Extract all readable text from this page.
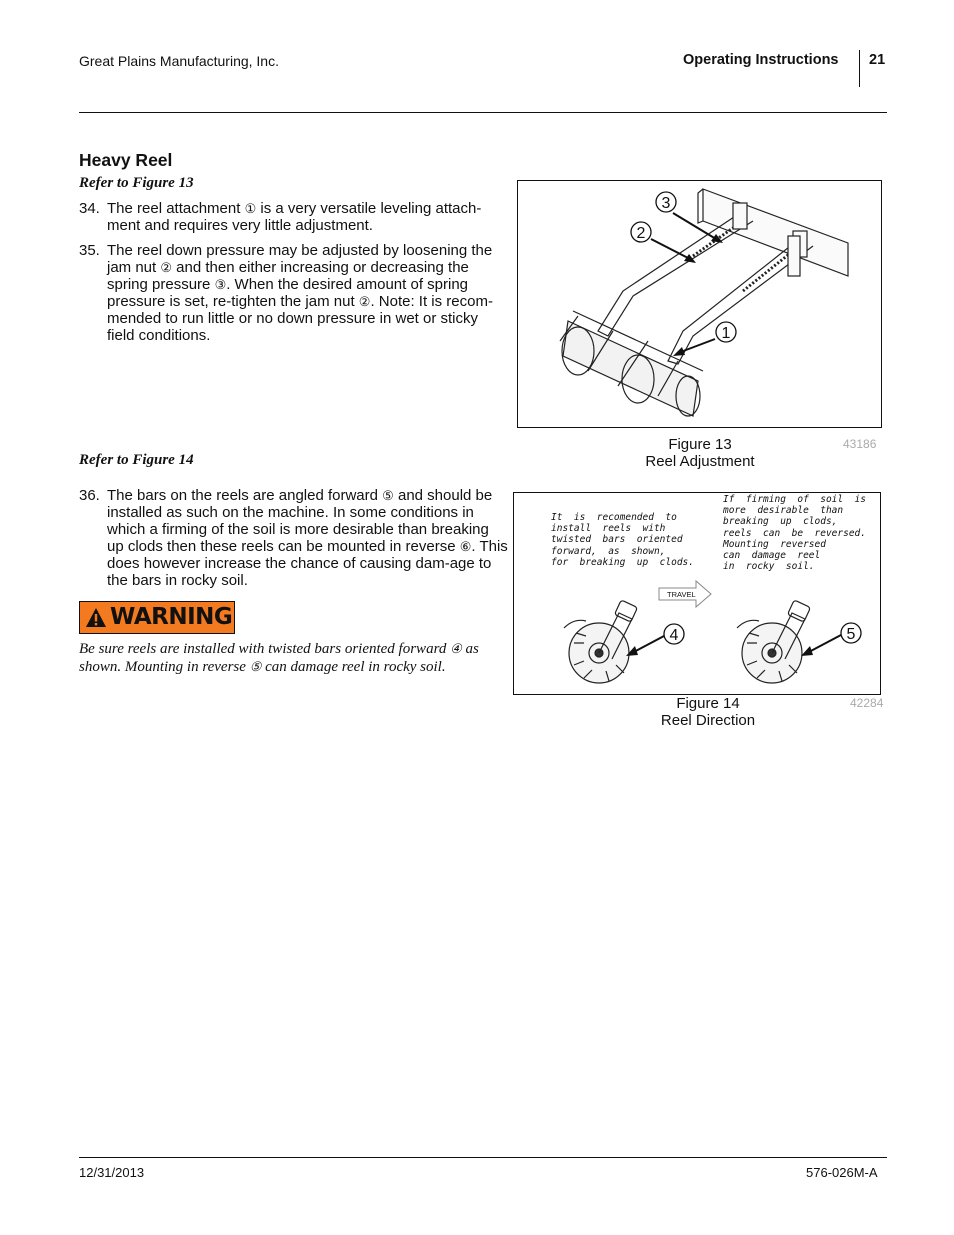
Great Plains Manufacturing, Inc.	Operating Instructions 21
Heavy Reel
Refer to Figure 13
34. The reel attachment ① is a very versatile leveling attach-ment and requires very little adjustment.
35. The reel down pressure may be adjusted by loosening the jam nut ② and then either increasing or decreasing the spring pressure ③. When the desired amount of spring pressure is set, re-tighten the jam nut ②. Note: It is recom-mended to run little or no down pressure in wet or sticky field conditions.
Refer to Figure 14
36. The bars on the reels are angled forward ⑤ and should be installed as such on the machine. In some conditions in which a firming of the soil is more desirable than breaking up clods then these reels can be mounted in reverse ⑥. This does however increase the chance of causing dam-age to the bars in rocky soil.
WARNING
Be sure reels are installed with twisted bars oriented forward ④ as shown. Mounting in reverse ⑤ can damage reel in rocky soil.
3
2
1
Figure 13
Reel Adjustment
43186
It  is  recomended  to
install  reels  with
twisted  bars  oriented
forward,  as  shown,
for  breaking  up  clods.
If  firming  of  soil  is
more  desirable  than
breaking  up  clods,
reels  can  be  reversed.
Mounting  reversed
can  damage  reel
in  rocky  soil.
TRAVEL
4	5
Figure 14
Reel Direction
42284
12/31/2013	576-026M-A
